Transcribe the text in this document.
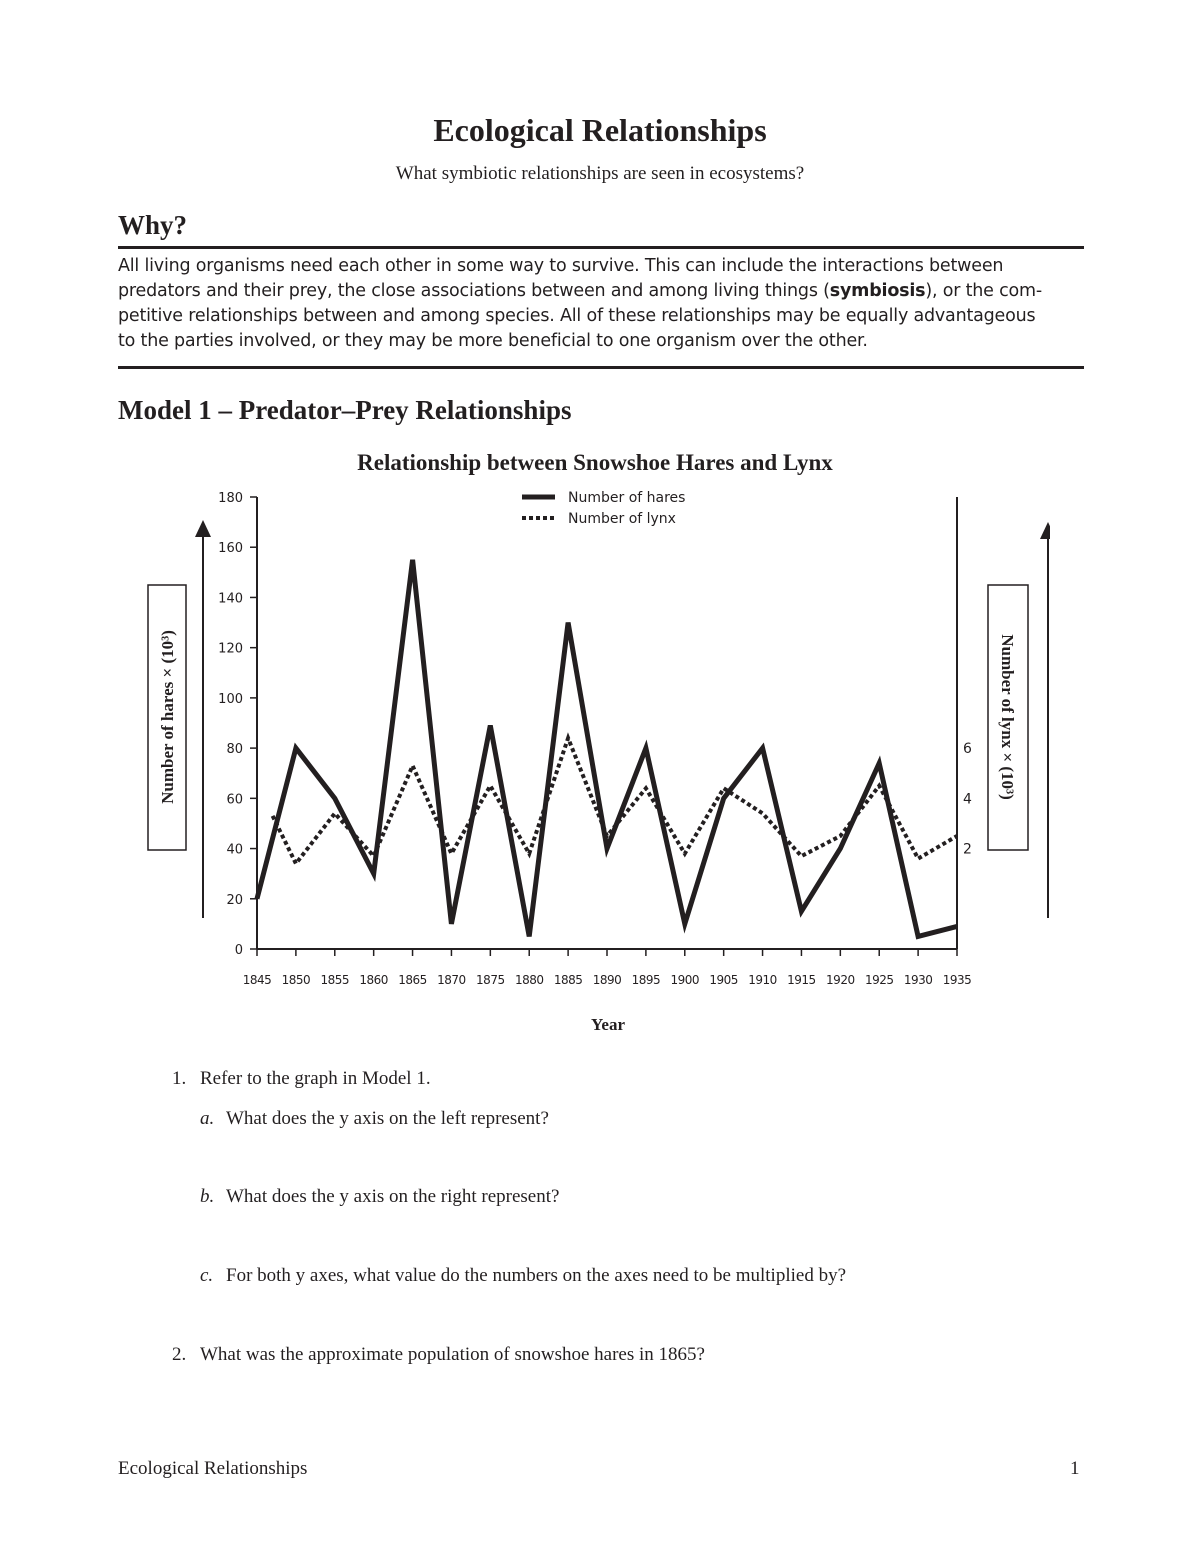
Ecological Relationships

What symbiotic relationships are seen in ecosystems?

Why?

All living organisms need each other in some way to survive. This can include the interactions between
predators and their prey, the close associations between and among living things (symbiosis), or the com-
petitive relationships between and among species. All of these relationships may be equally advantageous
to the parties involved, or they may be more beneficial to one organism over the other.

Model 1 – Predator–Prey Relationships
Relationship between Snowshoe Hares and Lynx
0
20
40
60
80
100
120
140
160
180
1845 1850 1855 1860 1865 1870 1875 1880 1885 1890 1895 1900 1905 1910 1915 1920 1925 1930 1935
2
4
6
Number of hares × (10³)	Number of lynx × (10³)
Number of hares
Number of lynx
Year
1. Refer to the graph in Model 1.
a. What does the y axis on the left represent?
b. What does the y axis on the right represent?
c. For both y axes, what value do the numbers on the axes need to be multiplied by?
2. What was the approximate population of snowshoe hares in 1865?
Ecological Relationships	1
